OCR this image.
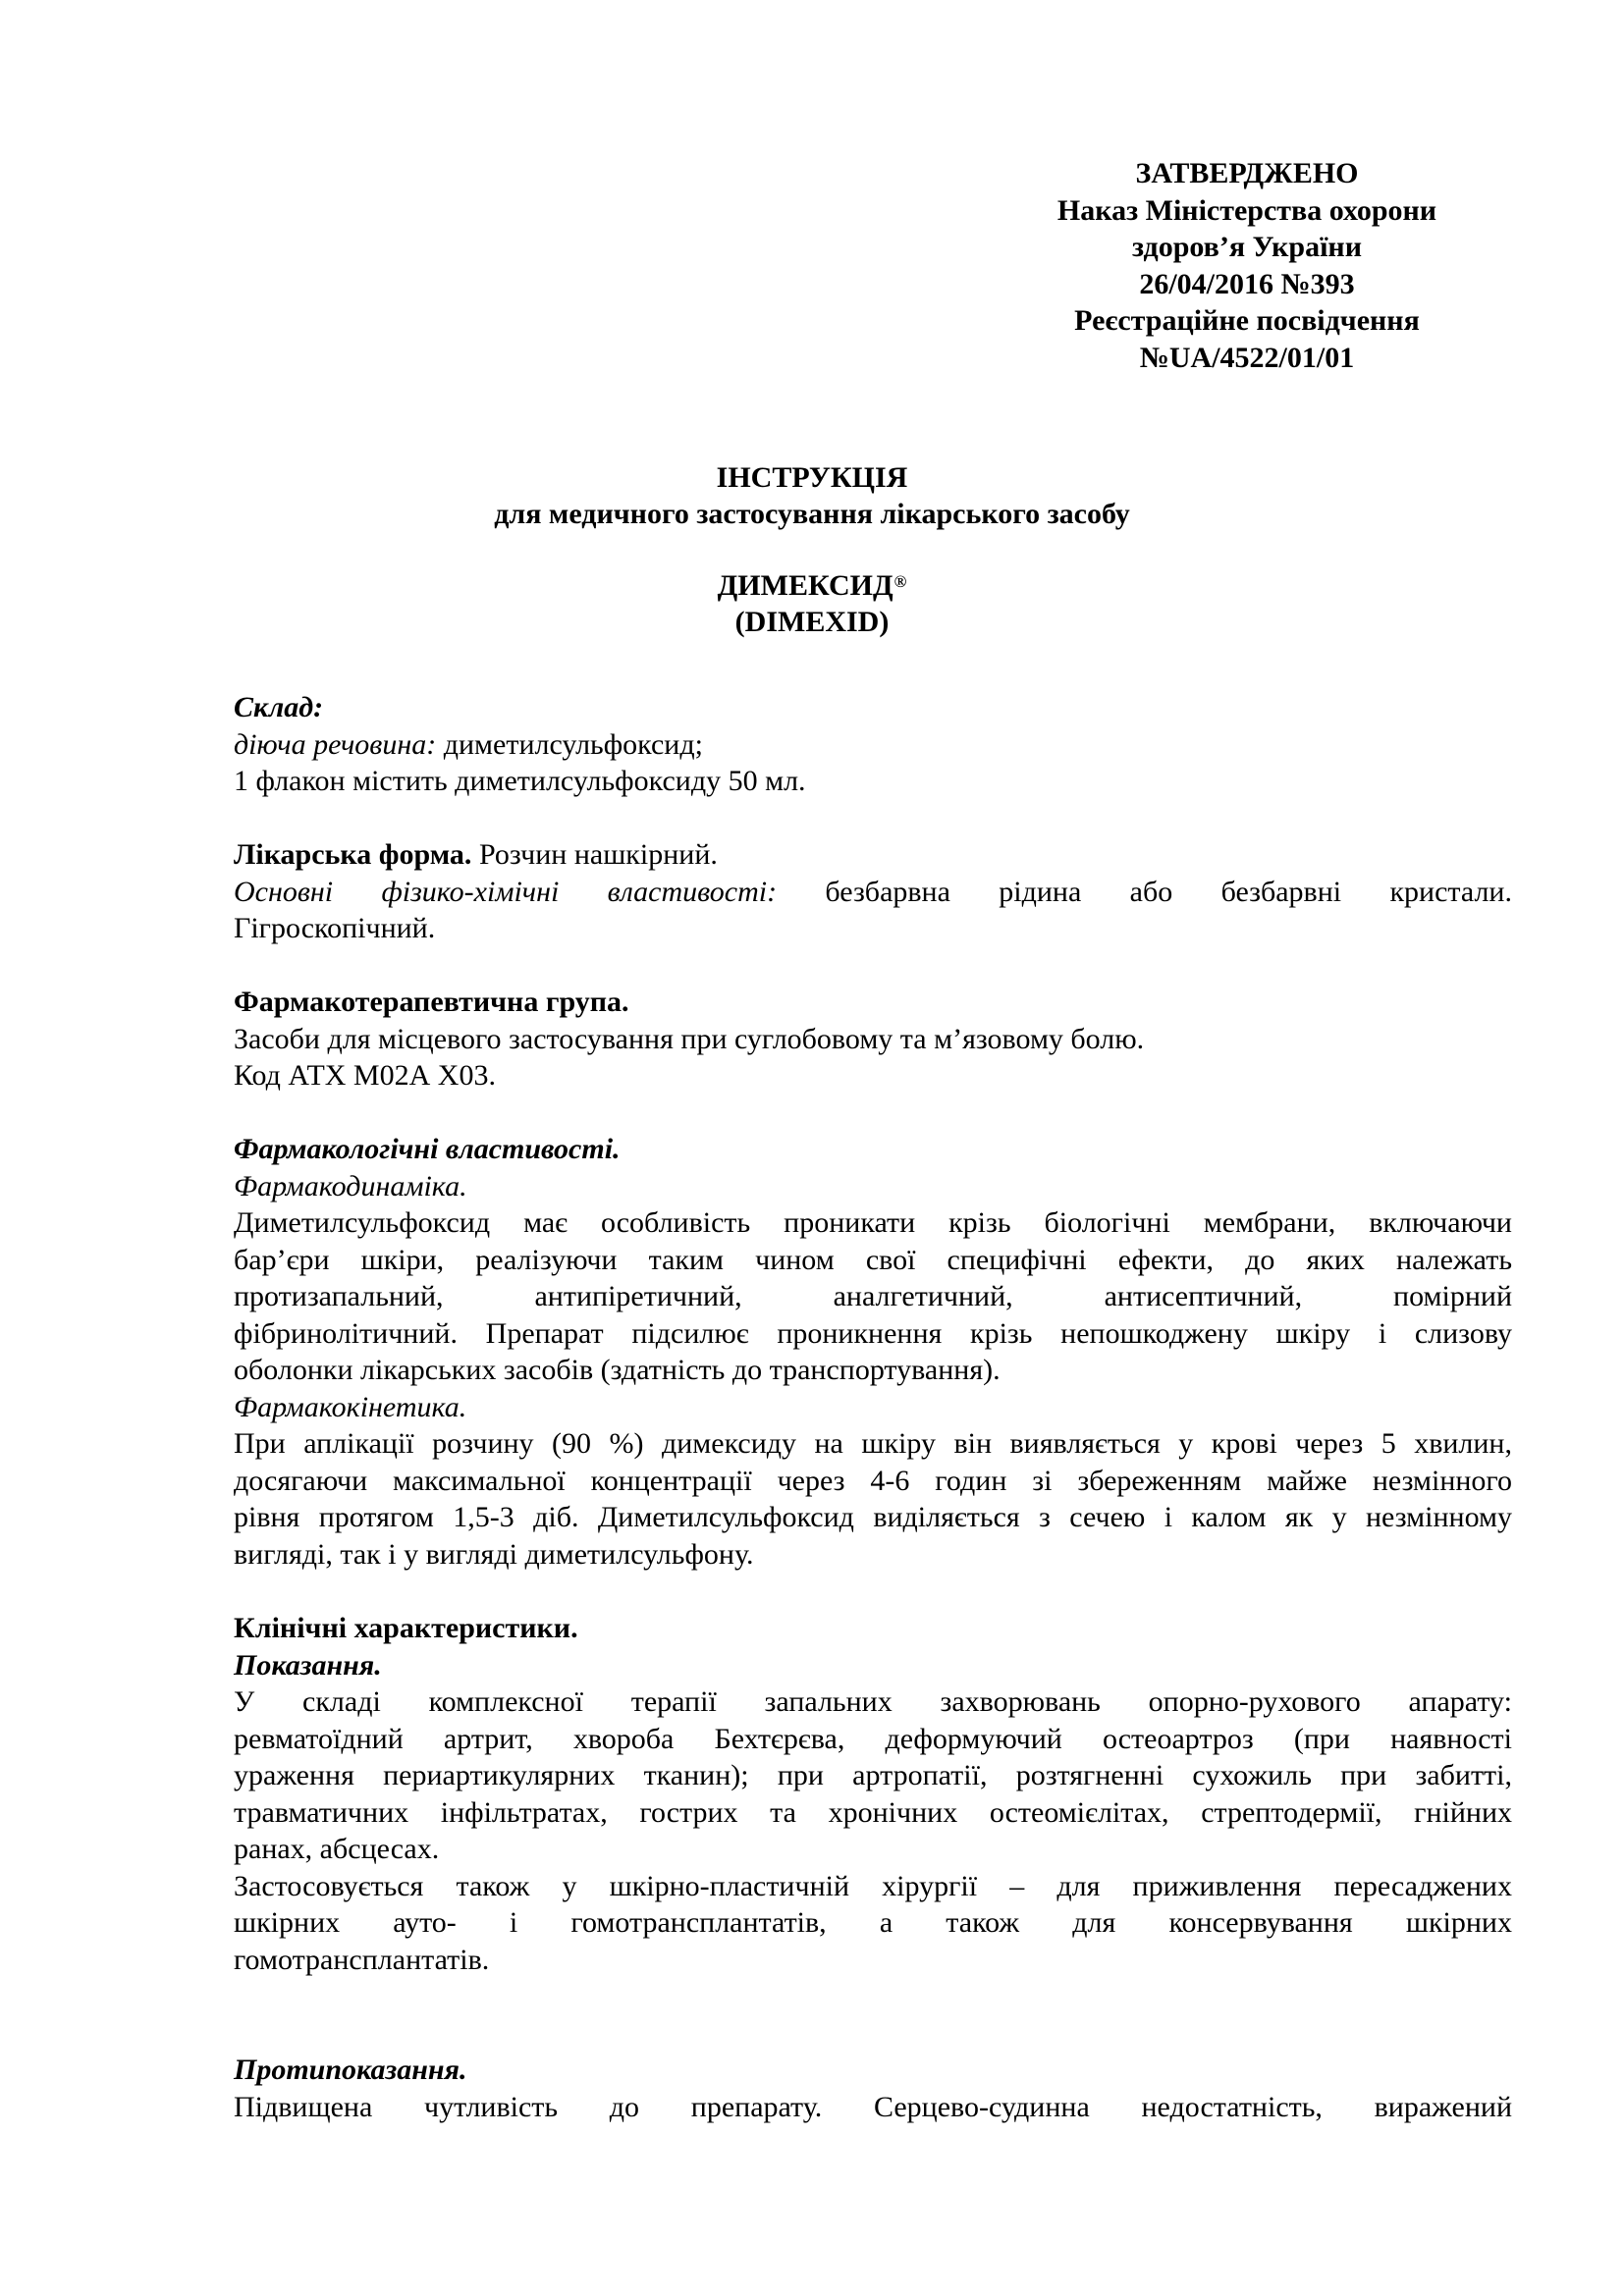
ЗАТВЕРДЖЕНО
Наказ Міністерства охорони
здоров’я України
26/04/2016 №393
Реєстраційне посвідчення
№UA/4522/01/01
ІНСТРУКЦІЯ
для медичного застосування лікарського засобу
ДИМЕКСИД®
(DIMEXID)
Склад:
діюча речовина: диметилсульфоксид;
1 флакон містить диметилсульфоксиду 50 мл.
Лікарська форма. Розчин нашкірний.
Основні фізико-хімічні властивості: безбарвна рідина або безбарвні кристали.
Гігроскопічний.
Фармакотерапевтична група.
Засоби для місцевого застосування при суглобовому та м’язовому болю.
Код АТХ М02А Х03.
Фармакологічні властивості.
Фармакодинаміка.
Диметилсульфоксид має особливість проникати крізь біологічні мембрани, включаючи
бар’єри шкіри, реалізуючи таким чином свої специфічні ефекти, до яких належать
протизапальний, антипіретичний, аналгетичний, антисептичний, помірний
фібринолітичний. Препарат підсилює проникнення крізь непошкоджену шкіру і слизову
оболонки лікарських засобів (здатність до транспортування).
Фармакокінетика.
При аплікації розчину (90 %) димексиду на шкіру він виявляється у крові через 5 хвилин,
досягаючи максимальної концентрації через 4-6 годин зі збереженням майже незмінного
рівня протягом 1,5-3 діб. Диметилсульфоксид виділяється з сечею і калом як у незмінному
вигляді, так і у вигляді диметилсульфону.
Клінічні характеристики.
Показання.
У складі комплексної терапії запальних захворювань опорно-рухового апарату:
ревматоїдний артрит, хвороба Бехтєрєва, деформуючий остеоартроз (при наявності
ураження периартикулярних тканин); при артропатії, розтягненні сухожиль при забитті,
травматичних інфільтратах, гострих та хронічних остеомієлітах, стрептодермії, гнійних
ранах, абсцесах.
Застосовується також у шкірно-пластичній хірургії – для приживлення пересаджених
шкірних ауто- і гомотрансплантатів, а також для консервування шкірних
гомотрансплантатів.
Протипоказання.
Підвищена чутливість до препарату. Серцево-судинна недостатність, виражений
